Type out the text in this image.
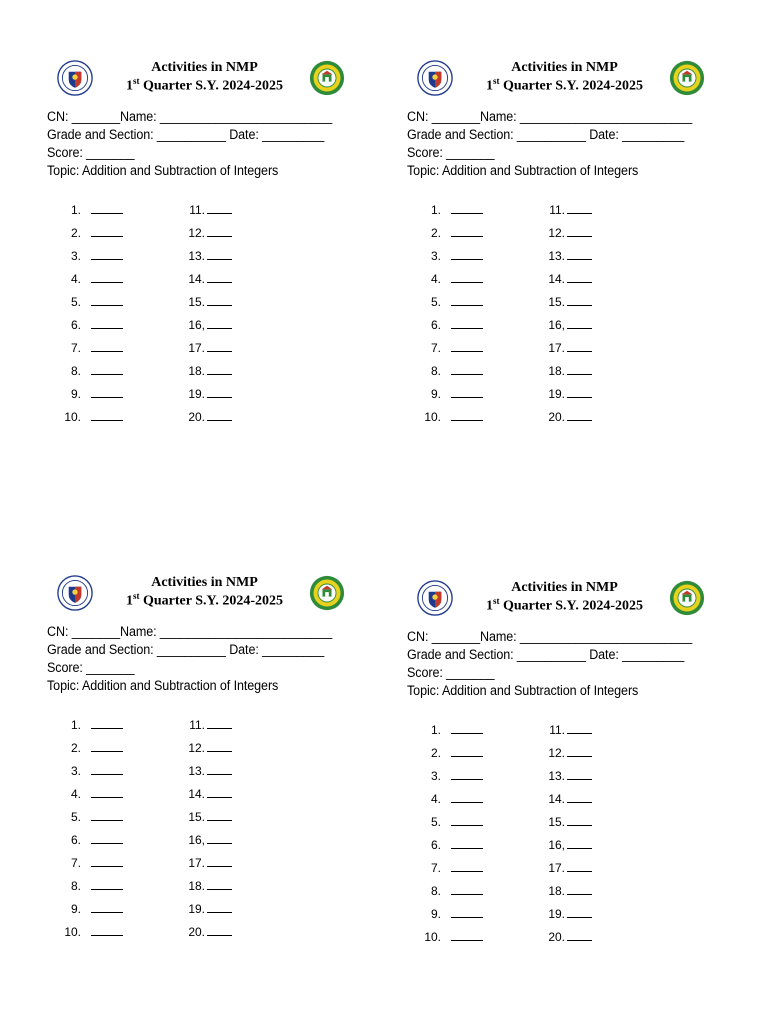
Activities in NMP
1st Quarter S.Y. 2024-2025
CN: _______Name: _________________________
Grade and Section: __________ Date: _________
Score: _______
Topic: Addition and Subtraction of Integers
1.	11.
2.	12.
3.	13.
4.	14.
5.	15.
6.	16,
7.	17.
8.	18.
9.	19.
10.	20.
Activities in NMP
1st Quarter S.Y. 2024-2025
CN: _______Name: _________________________
Grade and Section: __________ Date: _________
Score: _______
Topic: Addition and Subtraction of Integers
1.	11.
2.	12.
3.	13.
4.	14.
5.	15.
6.	16,
7.	17.
8.	18.
9.	19.
10.	20.
Activities in NMP
1st Quarter S.Y. 2024-2025
CN: _______Name: _________________________
Grade and Section: __________ Date: _________
Score: _______
Topic: Addition and Subtraction of Integers
1.	11.
2.	12.
3.	13.
4.	14.
5.	15.
6.	16,
7.	17.
8.	18.
9.	19.
10.	20.
Activities in NMP
1st Quarter S.Y. 2024-2025
CN: _______Name: _________________________
Grade and Section: __________ Date: _________
Score: _______
Topic: Addition and Subtraction of Integers
1.	11.
2.	12.
3.	13.
4.	14.
5.	15.
6.	16,
7.	17.
8.	18.
9.	19.
10.	20.
